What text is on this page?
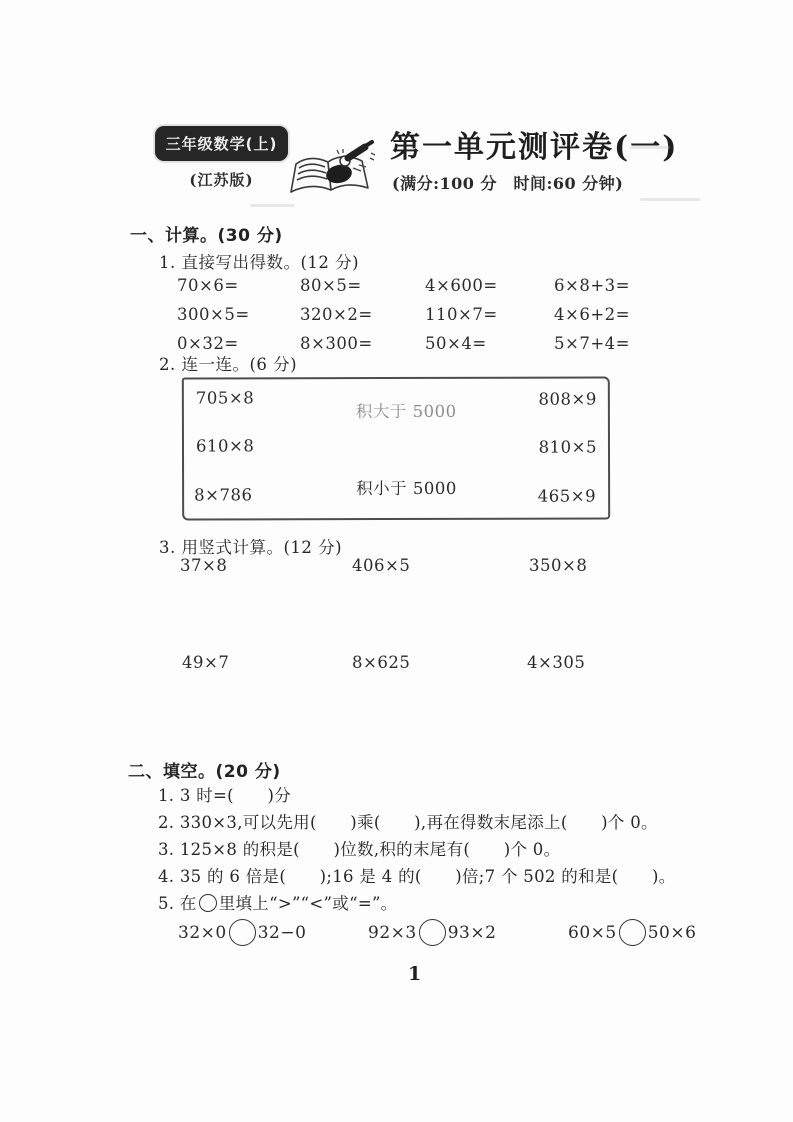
三年级数学(上)
(江苏版)
第一单元测评卷(一)
(满分:100 分　时间:60 分钟)
一、计算。(30 分)
1. 直接写出得数。(12 分)
70×6=	80×5=	4×600=	6×8+3=
300×5=	320×2=	110×7=	4×6+2=
0×32=	8×300=	50×4=	5×7+4=
2. 连一连。(6 分)
705×8
610×8
8×786
808×9
810×5
465×9
积大于 5000
积小于 5000
3. 用竖式计算。(12 分)
37×8	406×5	350×8
49×7	8×625	4×305
二、填空。(20 分)
1. 3 时=(　　)分
2. 330×3,可以先用(　　)乘(　　),再在得数末尾添上(　　)个 0。
3. 125×8 的积是(　　)位数,积的末尾有(　　)个 0。
4. 35 的 6 倍是(　　);16 是 4 的(　　)倍;7 个 502 的和是(　　)。
5. 在 里填上“>”“<”或“=”。
32×0 32−0	92×3 93×2	60×5 50×6
1
